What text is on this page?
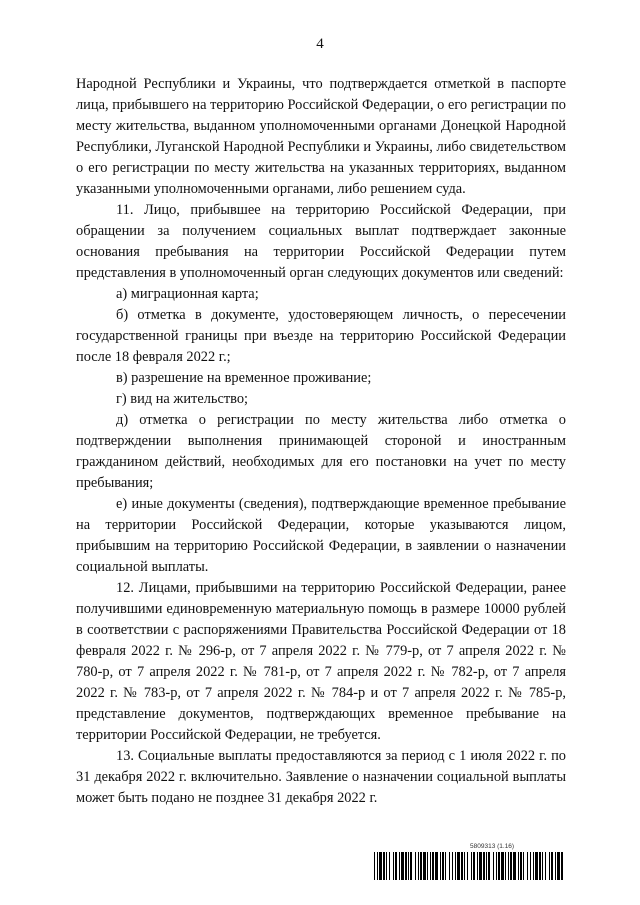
4

Народной Республики и Украины, что подтверждается отметкой в паспорте лица, прибывшего на территорию Российской Федерации, о его регистрации по месту жительства, выданном уполномоченными органами Донецкой Народной Республики, Луганской Народной Республики и Украины, либо свидетельством о его регистрации по месту жительства на указанных территориях, выданном указанными уполномоченными органами, либо решением суда.

11. Лицо, прибывшее на территорию Российской Федерации, при обращении за получением социальных выплат подтверждает законные основания пребывания на территории Российской Федерации путем представления в уполномоченный орган следующих документов или сведений:

а) миграционная карта;

б) отметка в документе, удостоверяющем личность, о пересечении государственной границы при въезде на территорию Российской Федерации после 18 февраля 2022 г.;

в) разрешение на временное проживание;

г) вид на жительство;

д) отметка о регистрации по месту жительства либо отметка о подтверждении выполнения принимающей стороной и иностранным гражданином действий, необходимых для его постановки на учет по месту пребывания;

е) иные документы (сведения), подтверждающие временное пребывание на территории Российской Федерации, которые указываются лицом, прибывшим на территорию Российской Федерации, в заявлении о назначении социальной выплаты.

12. Лицами, прибывшими на территорию Российской Федерации, ранее получившими единовременную материальную помощь в размере 10000 рублей в соответствии с распоряжениями Правительства Российской Федерации от 18 февраля 2022 г. № 296-р, от 7 апреля 2022 г. № 779-р, от 7 апреля 2022 г. № 780-р, от 7 апреля 2022 г. № 781-р, от 7 апреля 2022 г. № 782-р, от 7 апреля 2022 г. № 783-р, от 7 апреля 2022 г. № 784-р и от 7 апреля 2022 г. № 785-р, представление документов, подтверждающих временное пребывание на территории Российской Федерации, не требуется.

13. Социальные выплаты предоставляются за период с 1 июля 2022 г. по 31 декабря 2022 г. включительно. Заявление о назначении социальной выплаты может быть подано не позднее 31 декабря 2022 г.

5809313 (1.16)
